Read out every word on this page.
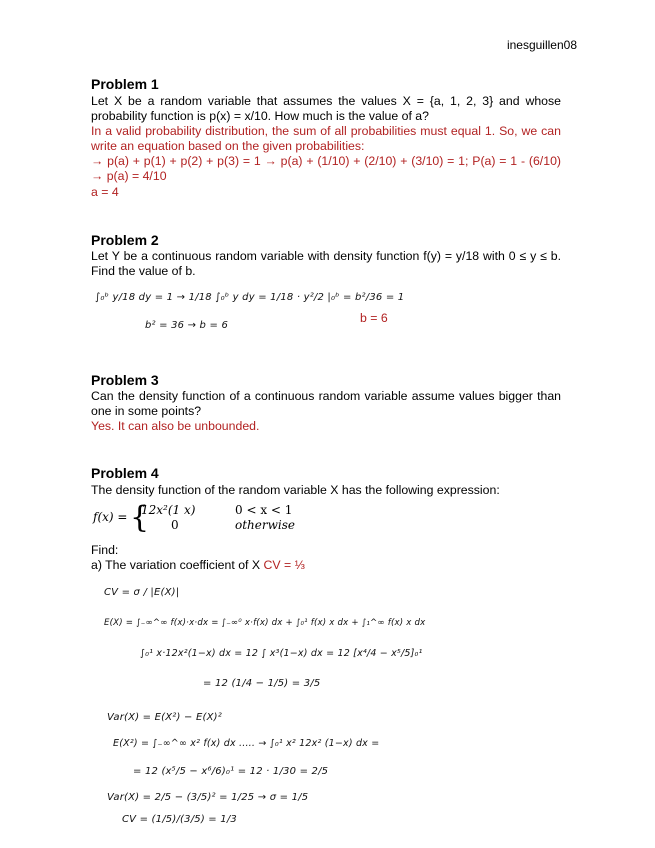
inesguillen08
Problem 1
Let X be a random variable that assumes the values X = {a, 1, 2, 3} and whose probability function is p(x) = x/10. How much is the value of a?
In a valid probability distribution, the sum of all probabilities must equal 1. So, we can write an equation based on the given probabilities:
→ p(a) + p(1) + p(2) + p(3) = 1 → p(a) + (1/10) + (2/10) + (3/10) = 1; P(a) = 1 - (6/10) → p(a) = 4/10
a = 4
Problem 2
Let Y be a continuous random variable with density function f(y) = y/18 with 0 ≤ y ≤ b. Find the value of b.
∫₀ᵇ y/18 dy = 1 → 1/18 ∫₀ᵇ y dy = 1/18 · y²/2 |₀ᵇ = b²/36 = 1
b² = 36 → b = 6
b = 6
Problem 3
Can the density function of a continuous random variable assume values bigger than one in some points?
Yes. It can also be unbounded.
Problem 4
The density function of the random variable X has the following expression:
f(x) = {
12x²(1 x)	0 < x < 1
0	otherwise
Find:
a) The variation coefficient of X CV = ⅓
CV = σ / |E(X)|
E(X) = ∫₋∞^∞ f(x)·x·dx = ∫₋∞⁰ x·f(x) dx + ∫₀¹ f(x) x dx + ∫₁^∞ f(x) x dx
∫₀¹ x·12x²(1−x) dx = 12 ∫ x³(1−x) dx = 12 [x⁴/4 − x⁵/5]₀¹
= 12 (1/4 − 1/5) = 3/5
Var(X) = E(X²) − E(X)²
E(X²) = ∫₋∞^∞ x² f(x) dx ..... → ∫₀¹ x² 12x² (1−x) dx =
= 12 (x⁵/5 − x⁶/6)₀¹ = 12 · 1/30 = 2/5
Var(X) = 2/5 − (3/5)² = 1/25 → σ = 1/5
CV = (1/5)/(3/5) = 1/3
